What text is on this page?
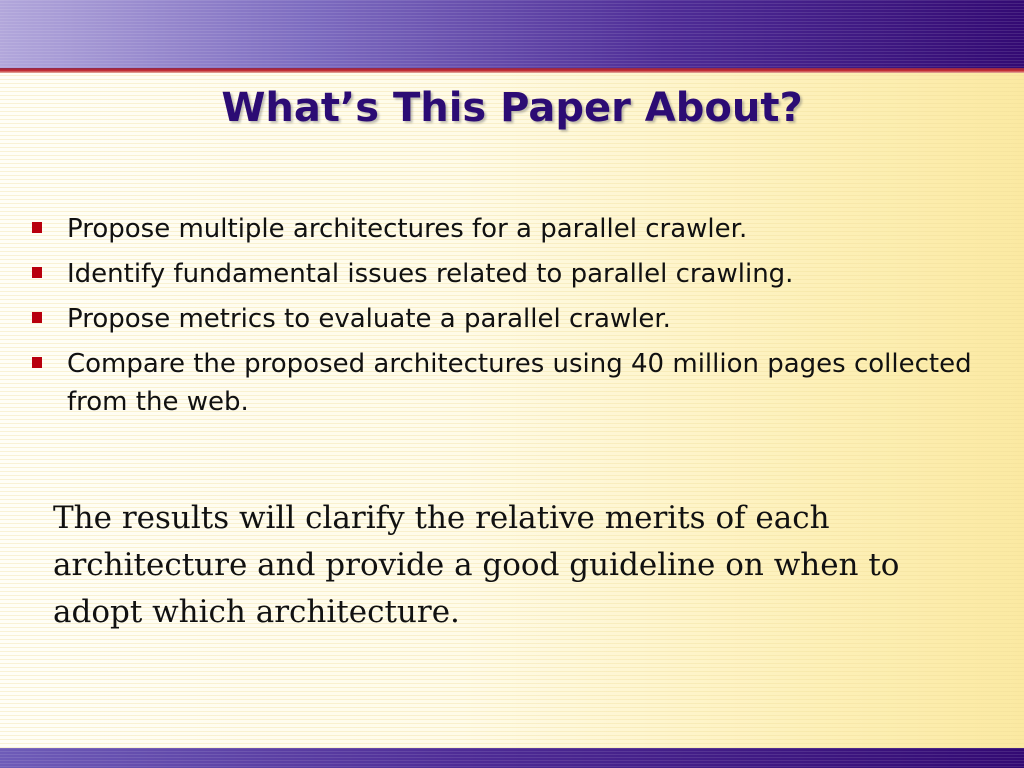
What’s This Paper About?
Propose multiple architectures for a parallel crawler.
Identify fundamental issues related to parallel crawling.
Propose metrics to evaluate a parallel crawler.
Compare the proposed architectures using 40 million pages collected from the web.

The results will clarify the relative merits of each architecture and provide a good guideline on when to adopt which architecture.
